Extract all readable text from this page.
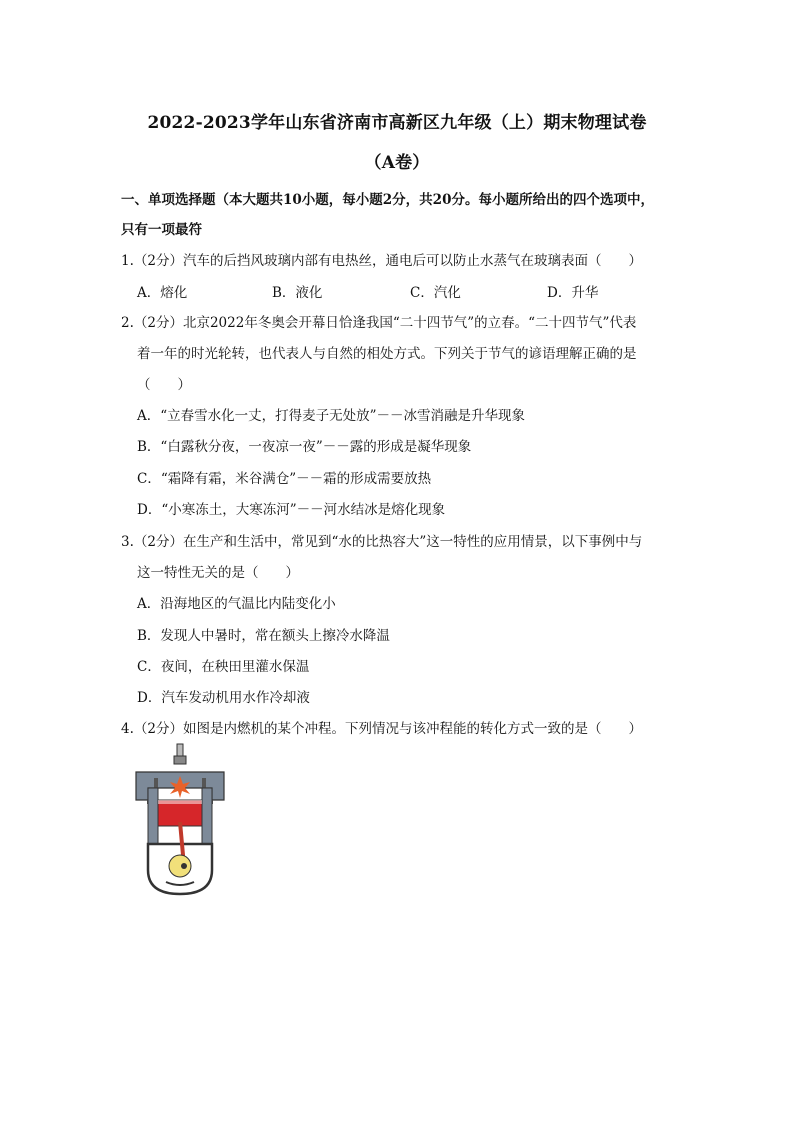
2022-2023学年山东省济南市高新区九年级（上）期末物理试卷
（A卷）
一、单项选择题（本大题共10小题，每小题2分，共20分。每小题所给出的四个选项中，
只有一项最符
1.（2分）汽车的后挡风玻璃内部有电热丝，通电后可以防止水蒸气在玻璃表面（　　）
A．熔化	B．液化	C．汽化	D．升华
2.（2分）北京2022年冬奥会开幕日恰逢我国“二十四节气”的立春。“二十四节气”代表
着一年的时光轮转，也代表人与自然的相处方式。下列关于节气的谚语理解正确的是
（　　）
A．“立春雪水化一丈，打得麦子无处放”－－冰雪消融是升华现象
B．“白露秋分夜，一夜凉一夜”－－露的形成是凝华现象
C．“霜降有霜，米谷满仓”－－霜的形成需要放热
D．“小寒冻土，大寒冻河”－－河水结冰是熔化现象
3.（2分）在生产和生活中，常见到“水的比热容大”这一特性的应用情景，以下事例中与
这一特性无关的是（　　）
A．沿海地区的气温比内陆变化小
B．发现人中暑时，常在额头上擦冷水降温
C．夜间，在秧田里灌水保温
D．汽车发动机用水作冷却液
4.（2分）如图是内燃机的某个冲程。下列情况与该冲程能的转化方式一致的是（　　）
